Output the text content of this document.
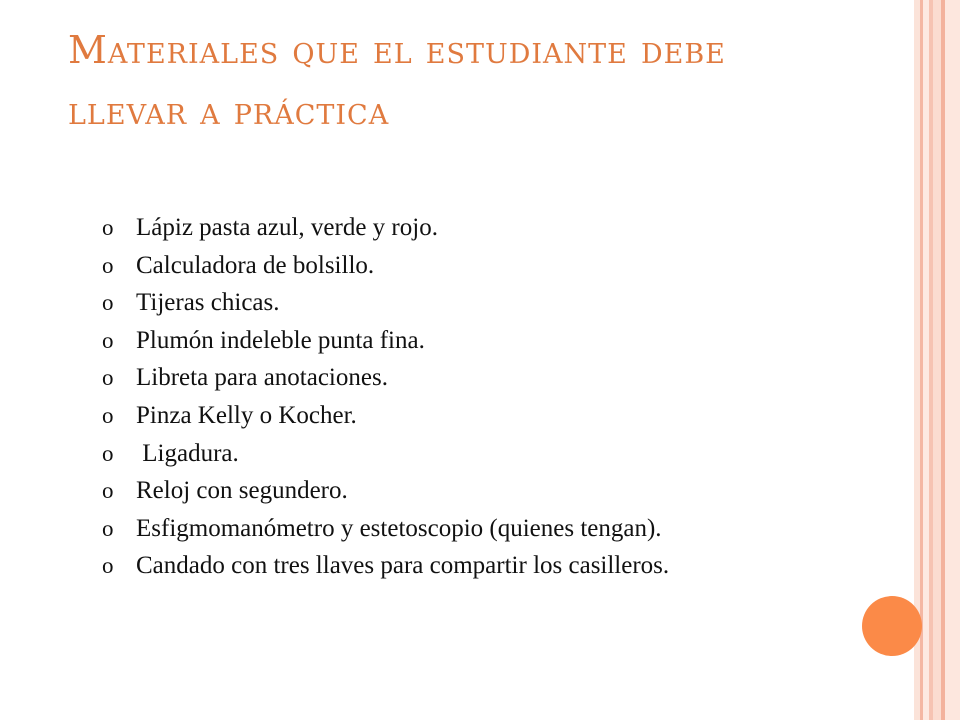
Materiales que el estudiante debe llevar a práctica
o Lápiz pasta azul, verde y rojo.
o Calculadora de bolsillo.
o Tijeras chicas.
o Plumón indeleble punta fina.
o Libreta para anotaciones.
o Pinza Kelly o Kocher.
o Ligadura.
o Reloj con segundero.
o Esfigmomanómetro y estetoscopio (quienes tengan).
o Candado con tres llaves para compartir los casilleros.
